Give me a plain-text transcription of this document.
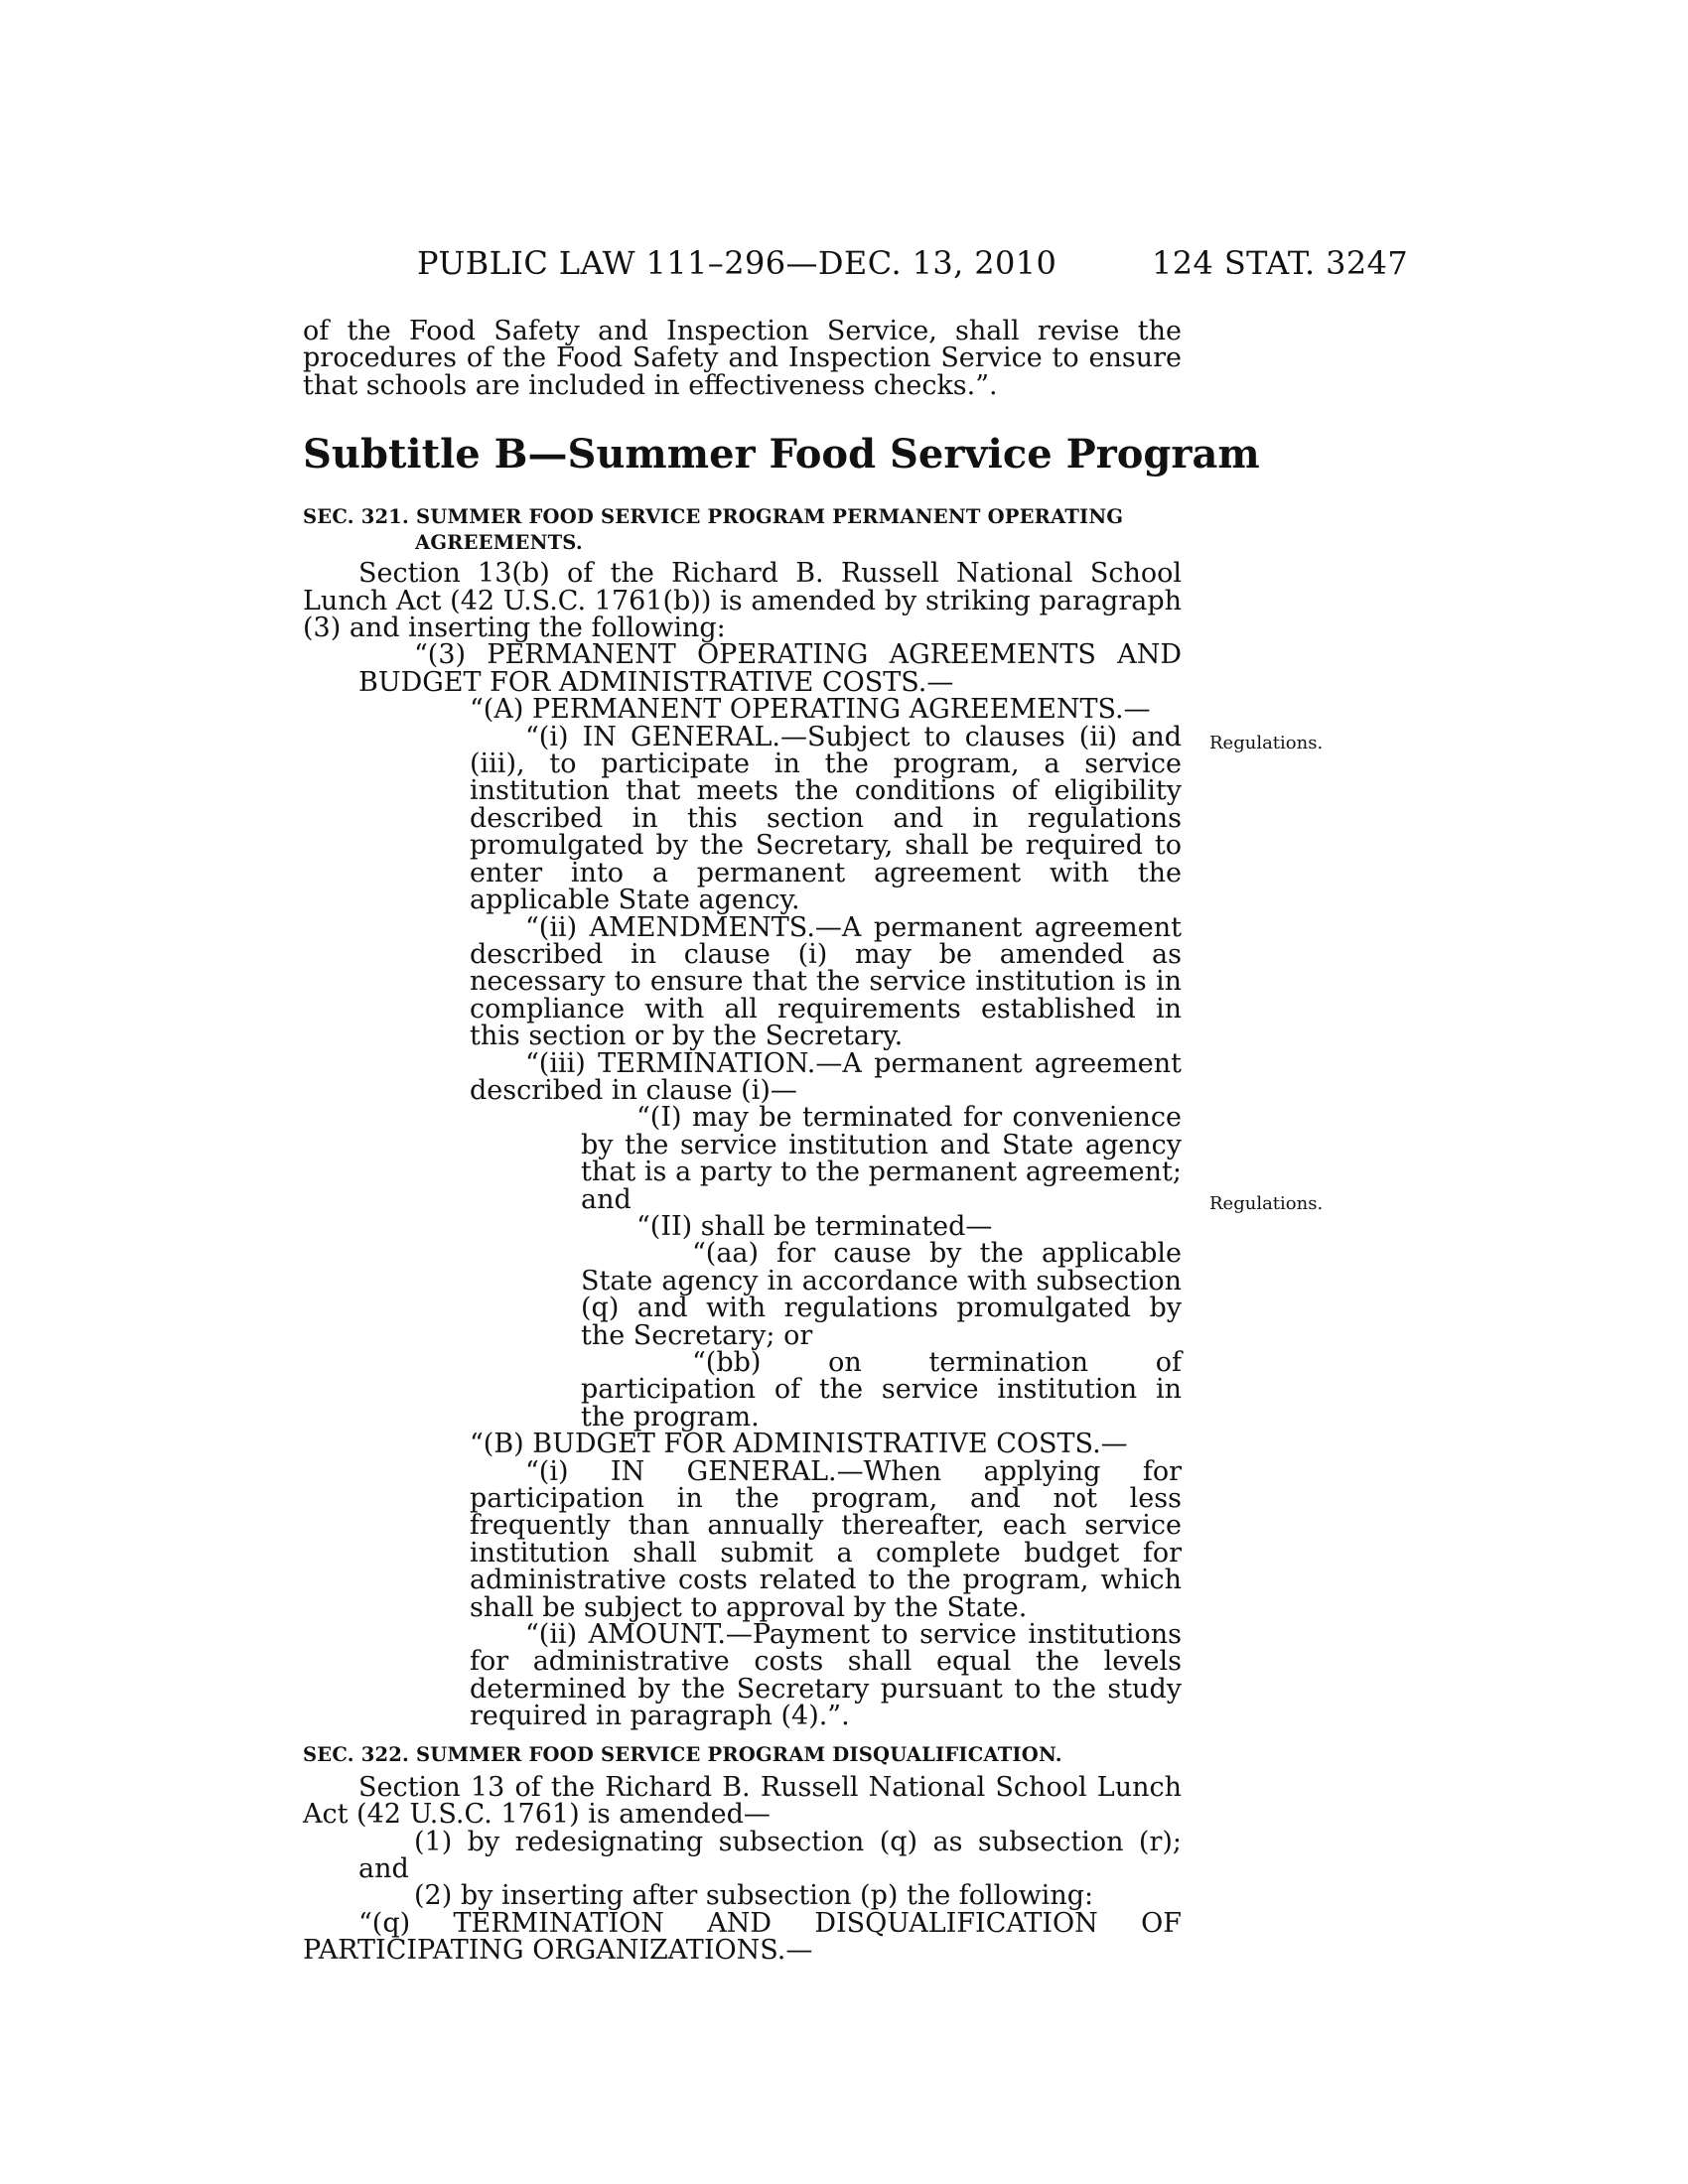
PUBLIC LAW 111–296—DEC. 13, 2010	124 STAT. 3247

of the Food Safety and Inspection Service, shall revise the procedures of the Food Safety and Inspection Service to ensure that schools are included in effectiveness checks.”.

Subtitle B—Summer Food Service Program
SEC. 321. SUMMER FOOD SERVICE PROGRAM PERMANENT OPERATING
AGREEMENTS.

Section 13(b) of the Richard B. Russell National School Lunch Act (42 U.S.C. 1761(b)) is amended by striking paragraph (3) and inserting the following:

“(3) PERMANENT OPERATING AGREEMENTS AND BUDGET FOR ADMINISTRATIVE COSTS.—

“(A) PERMANENT OPERATING AGREEMENTS.—

“(i) IN GENERAL.—Subject to clauses (ii) and (iii), to participate in the program, a service institution that meets the conditions of eligibility described in this section and in regulations promulgated by the Secretary, shall be required to enter into a permanent agreement with the applicable State agency.

“(ii) AMENDMENTS.—A permanent agreement described in clause (i) may be amended as necessary to ensure that the service institution is in compliance with all requirements established in this section or by the Secretary.

“(iii) TERMINATION.—A permanent agreement described in clause (i)—

“(I) may be terminated for convenience by the service institution and State agency that is a party to the permanent agreement; and

“(II) shall be terminated—

“(aa) for cause by the applicable State agency in accordance with subsection (q) and with regulations promulgated by the Secretary; or

“(bb) on termination of participation of the service institution in the program.

“(B) BUDGET FOR ADMINISTRATIVE COSTS.—

“(i) IN GENERAL.—When applying for participation in the program, and not less frequently than annually thereafter, each service institution shall submit a complete budget for administrative costs related to the program, which shall be subject to approval by the State.

“(ii) AMOUNT.—Payment to service institutions for administrative costs shall equal the levels determined by the Secretary pursuant to the study required in paragraph (4).”.

SEC. 322. SUMMER FOOD SERVICE PROGRAM DISQUALIFICATION.

Section 13 of the Richard B. Russell National School Lunch Act (42 U.S.C. 1761) is amended—

(1) by redesignating subsection (q) as subsection (r); and

(2) by inserting after subsection (p) the following:

“(q) TERMINATION AND DISQUALIFICATION OF PARTICIPATING ORGANIZATIONS.—

Regulations.
Regulations.
